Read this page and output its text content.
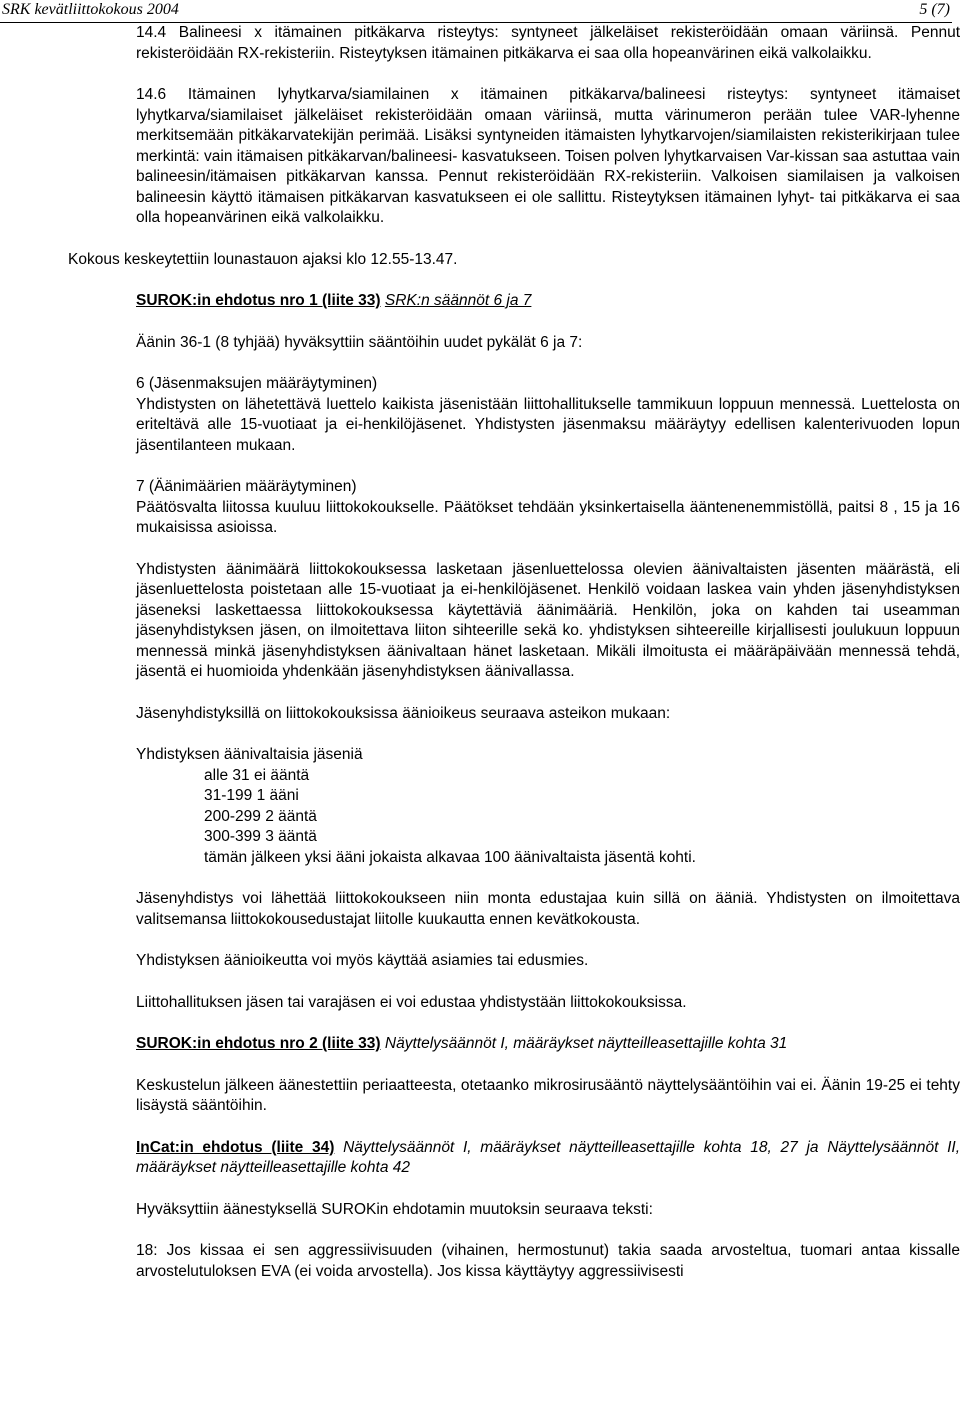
SRK kevätliittokokous 2004	5 (7)

14.4 Balineesi x itämainen pitkäkarva risteytys: syntyneet jälkeläiset rekisteröidään omaan väriinsä. Pennut rekisteröidään RX-rekisteriin. Risteytyksen itämainen pitkäkarva ei saa olla hopeanvärinen eikä valkolaikku.

14.6 Itämainen lyhytkarva/siamilainen x itämainen pitkäkarva/balineesi risteytys: syntyneet itämaiset lyhytkarva/siamilaiset jälkeläiset rekisteröidään omaan väriinsä, mutta värinumeron perään tulee VAR-lyhenne merkitsemään pitkäkarvatekijän perimää. Lisäksi syntyneiden itämaisten lyhytkarvojen/siamilaisten rekisterikirjaan tulee merkintä: vain itämaisen pitkäkarvan/balineesi- kasvatukseen. Toisen polven lyhytkarvaisen Var-kissan saa astuttaa vain balineesin/itämaisen pitkäkarvan kanssa. Pennut rekisteröidään RX-rekisteriin. Valkoisen siamilaisen ja valkoisen balineesin käyttö itämaisen pitkäkarvan kasvatukseen ei ole sallittu. Risteytyksen itämainen lyhyt- tai pitkäkarva ei saa olla hopeanvärinen eikä valkolaikku.

Kokous keskeytettiin lounastauon ajaksi klo 12.55-13.47.

SUROK:in ehdotus nro 1 (liite 33) SRK:n säännöt 6 ja 7

Äänin 36-1 (8 tyhjää) hyväksyttiin sääntöihin uudet pykälät 6 ja 7:

6 (Jäsenmaksujen määräytyminen)

Yhdistysten on lähetettävä luettelo kaikista jäsenistään liittohallitukselle tammikuun loppuun mennessä. Luettelosta on eriteltävä alle 15-vuotiaat ja ei-henkilöjäsenet. Yhdistysten jäsenmaksu määräytyy edellisen kalenterivuoden lopun jäsentilanteen mukaan.

7 (Äänimäärien määräytyminen)

Päätösvalta liitossa kuuluu liittokokoukselle. Päätökset tehdään yksinkertaisella ääntenenemmistöllä, paitsi 8 , 15 ja 16 mukaisissa asioissa.

Yhdistysten äänimäärä liittokokouksessa lasketaan jäsenluettelossa olevien äänivaltaisten jäsenten määrästä, eli jäsenluettelosta poistetaan alle 15-vuotiaat ja ei-henkilöjäsenet. Henkilö voidaan laskea vain yhden jäsenyhdistyksen jäseneksi laskettaessa liittokokouksessa käytettäviä äänimääriä. Henkilön, joka on kahden tai useamman jäsenyhdistyksen jäsen, on ilmoitettava liiton sihteerille sekä ko. yhdistyksen sihteereille kirjallisesti joulukuun loppuun mennessä minkä jäsenyhdistyksen äänivaltaan hänet lasketaan. Mikäli ilmoitusta ei määräpäivään mennessä tehdä, jäsentä ei huomioida yhdenkään jäsenyhdistyksen äänivallassa.

Jäsenyhdistyksillä on liittokokouksissa äänioikeus seuraava asteikon mukaan:

Yhdistyksen äänivaltaisia jäseniä

alle 31 ei ääntä

31-199 1 ääni

200-299 2 ääntä

300-399 3 ääntä

tämän jälkeen yksi ääni jokaista alkavaa 100 äänivaltaista jäsentä kohti.

Jäsenyhdistys voi lähettää liittokokoukseen niin monta edustajaa kuin sillä on ääniä. Yhdistysten on ilmoitettava valitsemansa liittokokousedustajat liitolle kuukautta ennen kevätkokousta.

Yhdistyksen äänioikeutta voi myös käyttää asiamies tai edusmies.

Liittohallituksen jäsen tai varajäsen ei voi edustaa yhdistystään liittokokouksissa.

SUROK:in ehdotus nro 2 (liite 33) Näyttelysäännöt I, määräykset näytteilleasettajille kohta 31

Keskustelun jälkeen äänestettiin periaatteesta, otetaanko mikrosirusääntö näyttelysääntöihin vai ei. Äänin 19-25 ei tehty lisäystä sääntöihin.

InCat:in ehdotus (liite 34) Näyttelysäännöt I, määräykset näytteilleasettajille kohta 18, 27 ja Näyttelysäännöt II, määräykset näytteilleasettajille kohta 42

Hyväksyttiin äänestyksellä SUROKin ehdotamin muutoksin seuraava teksti:

18: Jos kissaa ei sen aggressiivisuuden (vihainen, hermostunut) takia saada arvosteltua, tuomari antaa kissalle arvostelutuloksen EVA (ei voida arvostella). Jos kissa käyttäytyy aggressiivisesti
